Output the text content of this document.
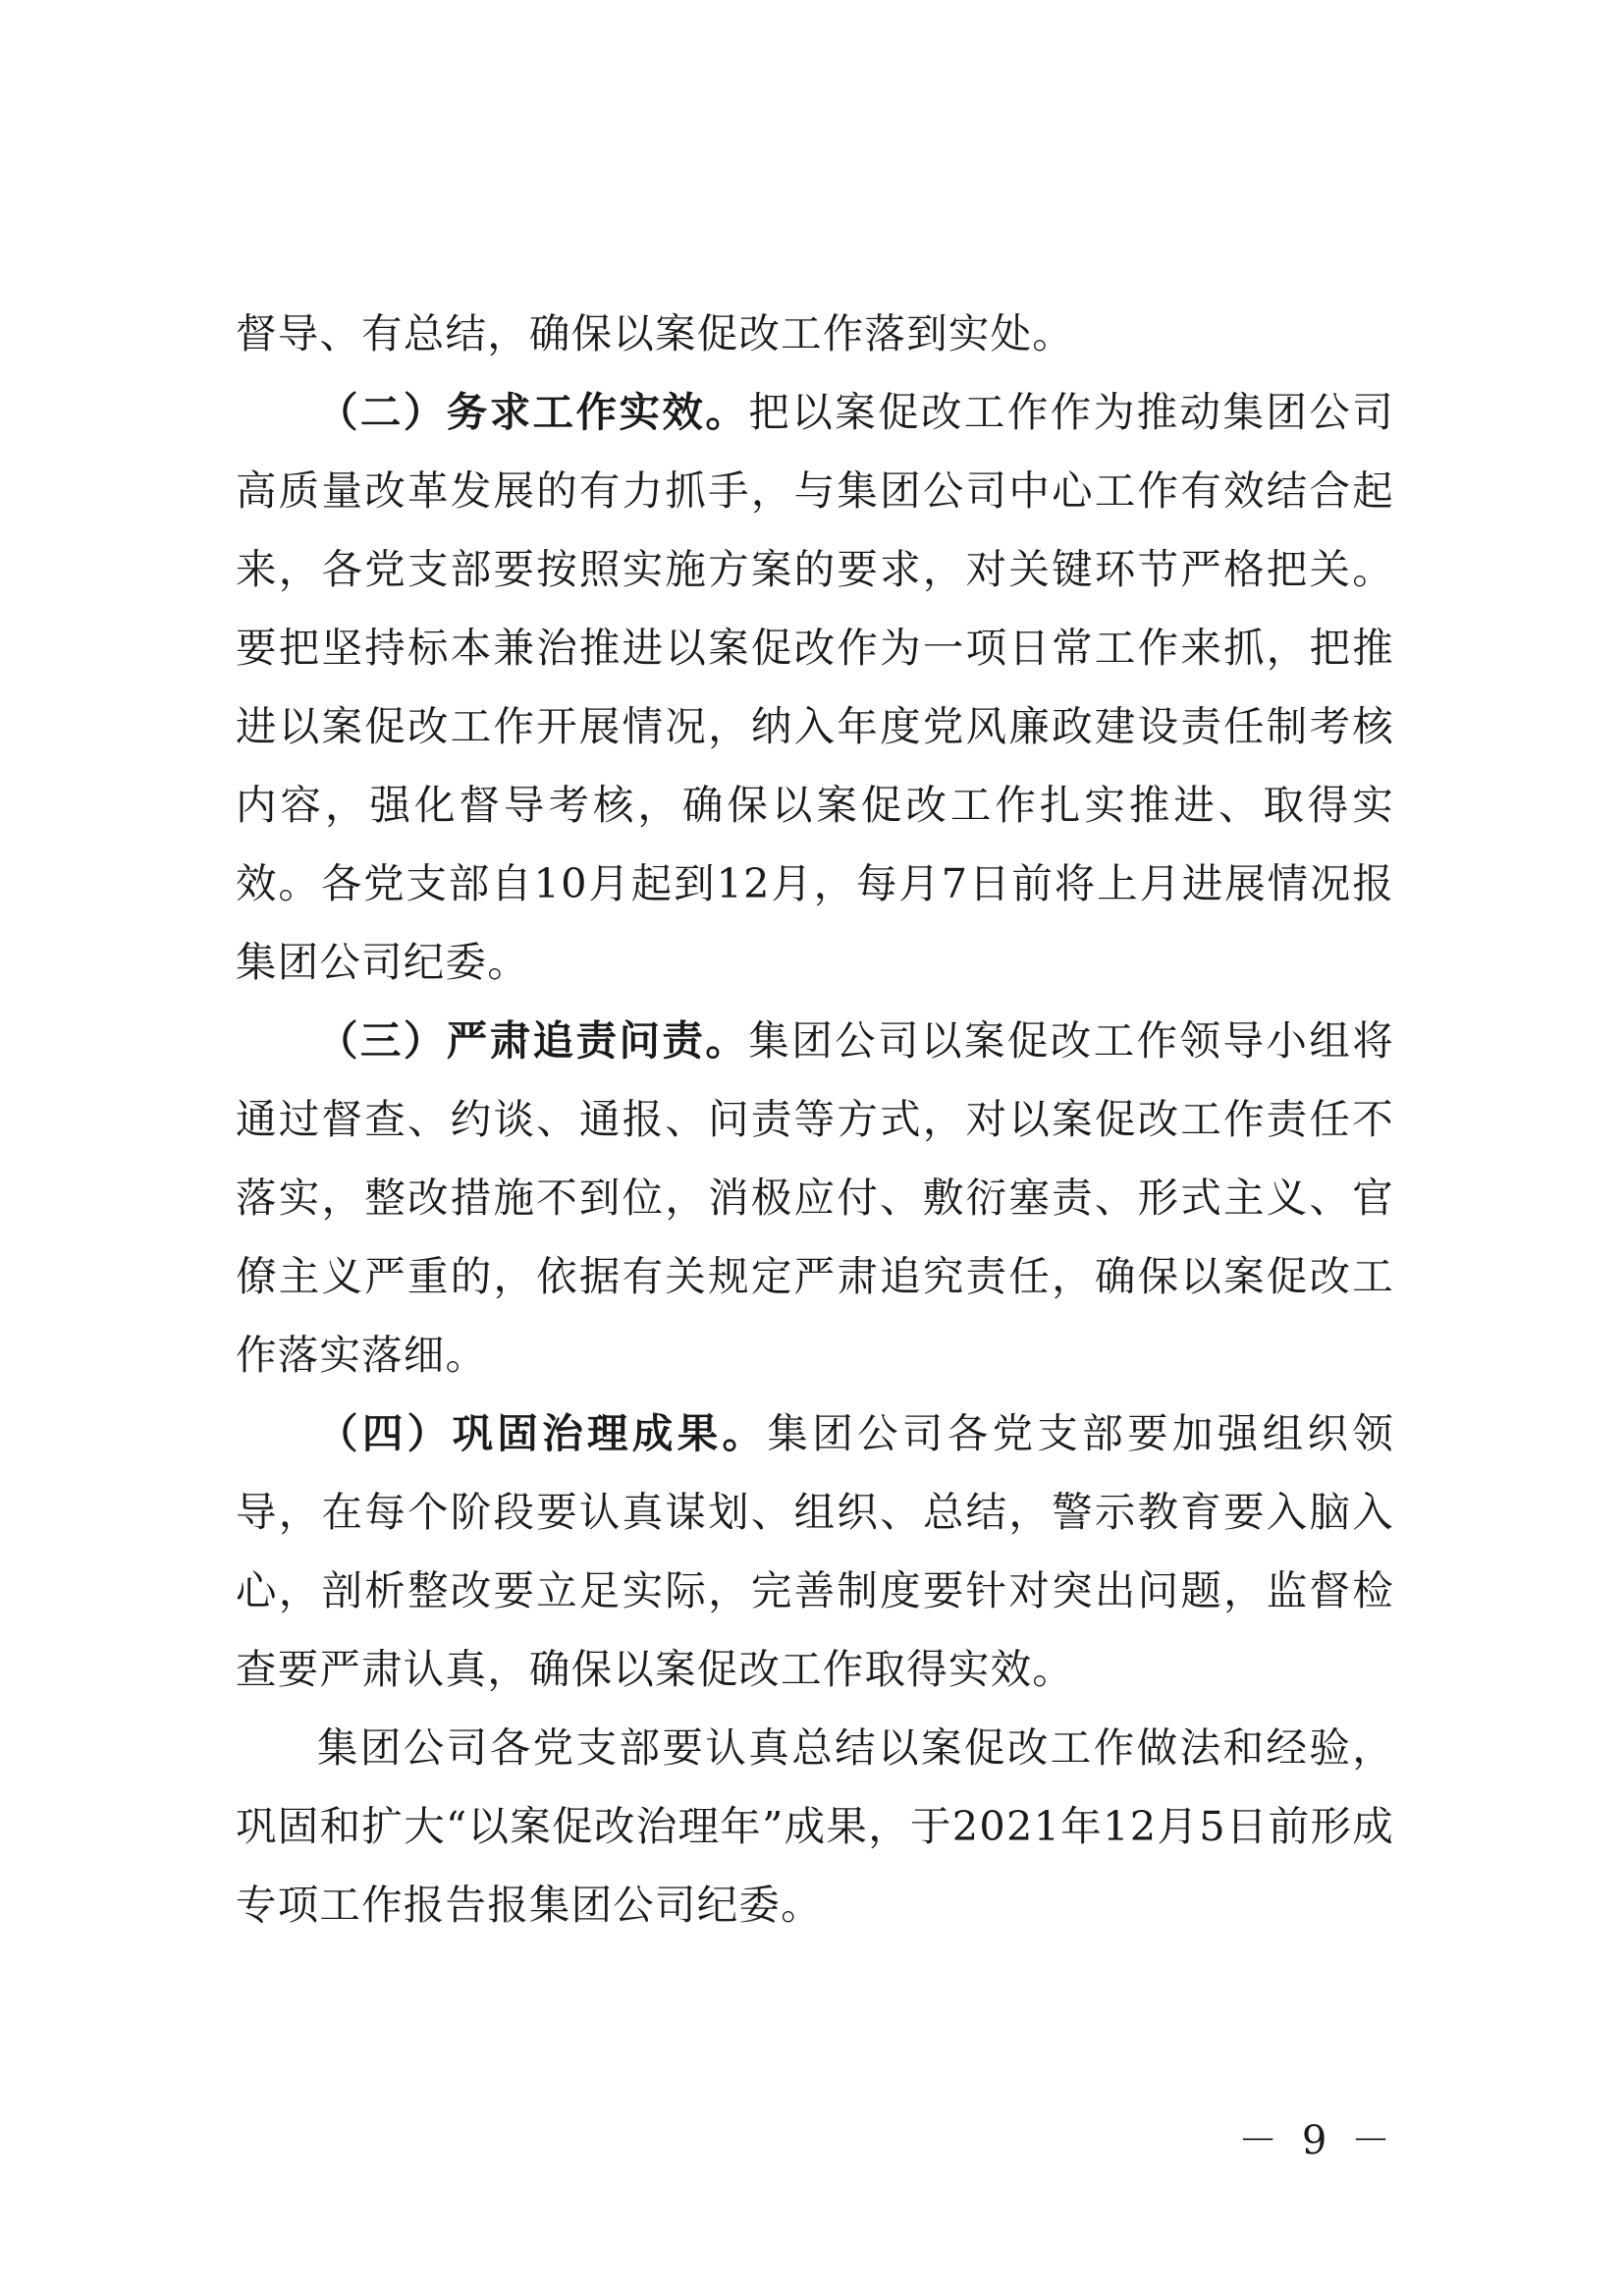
督导、有总结，确保以案促改工作落到实处。

（二）务求工作实效。把以案促改工作作为推动集团公司高质量改革发展的有力抓手，与集团公司中心工作有效结合起来，各党支部要按照实施方案的要求，对关键环节严格把关。要把坚持标本兼治推进以案促改作为一项日常工作来抓，把推进以案促改工作开展情况，纳入年度党风廉政建设责任制考核内容，强化督导考核，确保以案促改工作扎实推进、取得实效。各党支部自10月起到12月，每月7日前将上月进展情况报集团公司纪委。

（三）严肃追责问责。集团公司以案促改工作领导小组将通过督查、约谈、通报、问责等方式，对以案促改工作责任不落实，整改措施不到位，消极应付、敷衍塞责、形式主义、官僚主义严重的，依据有关规定严肃追究责任，确保以案促改工作落实落细。

（四）巩固治理成果。集团公司各党支部要加强组织领导，在每个阶段要认真谋划、组织、总结，警示教育要入脑入心，剖析整改要立足实际，完善制度要针对突出问题，监督检查要严肃认真，确保以案促改工作取得实效。

集团公司各党支部要认真总结以案促改工作做法和经验，巩固和扩大“以案促改治理年”成果，于2021年12月5日前形成专项工作报告报集团公司纪委。

－ 9 －
